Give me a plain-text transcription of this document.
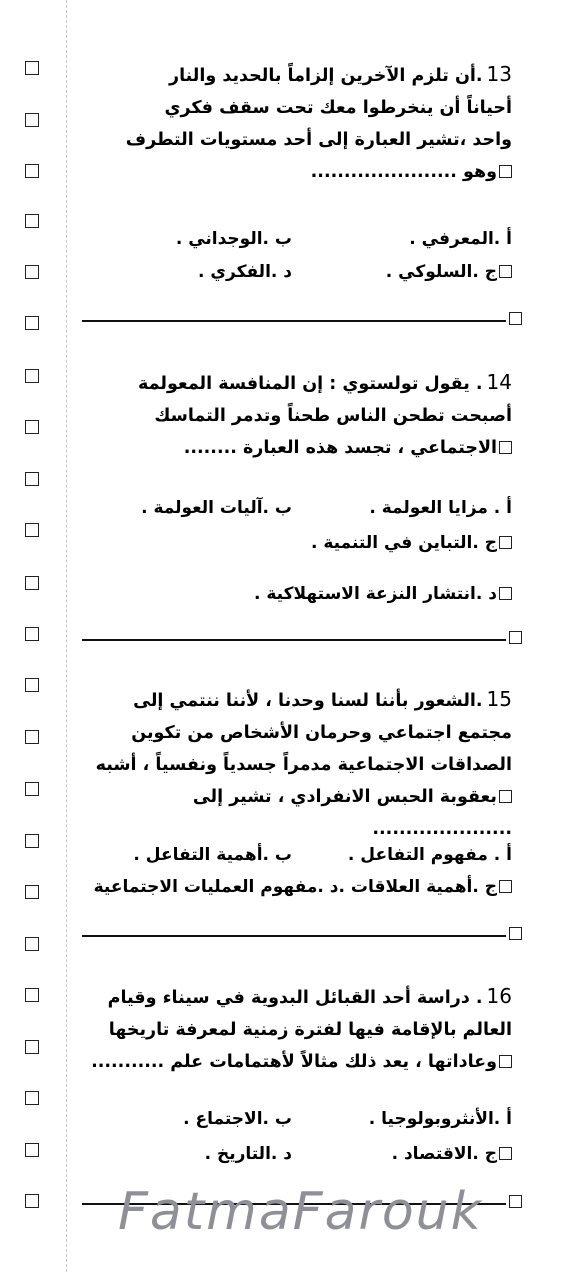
13.أن تلزم الآخرين إلزاماً بالحديد والنار
أحياناً أن ينخرطوا معك تحت سقف فكري
واحد ،تشير العبارة إلى أحد مستويات التطرف
وهو ......................
أ .المعرفي .
ب .الوجداني .
ج .السلوكي .
د .الفكري .
14. يقول تولستوي : إن المنافسة المعولمة
أصبحت تطحن الناس طحناً وتدمر التماسك
الاجتماعي ، تجسد هذه العبارة ........
أ . مزايا العولمة .
ب .آليات العولمة .
ج .التباين في التنمية .
د .انتشار النزعة الاستهلاكية .
15.الشعور بأننا لسنا وحدنا ، لأننا ننتمي إلى
مجتمع اجتماعي وحرمان الأشخاص من تكوين
الصداقات الاجتماعية مدمراً جسدياً ونفسياً ، أشبه
بعقوبة الحبس الانفرادي ، تشير إلى .....................
أ . مفهوم التفاعل .
ب .أهمية التفاعل .
ج .أهمية العلاقات .د .مفهوم العمليات الاجتماعية
16. دراسة أحد القبائل البدوية في سيناء وقيام
العالم بالإقامة فيها لفترة زمنية لمعرفة تاريخها
وعاداتها ، يعد ذلك مثالاً لأهتمامات علم ...........
أ .الأنثروبولوجيا .
ب .الاجتماع .
ج .الاقتصاد .
د .التاريخ .
FatmaFarouk
